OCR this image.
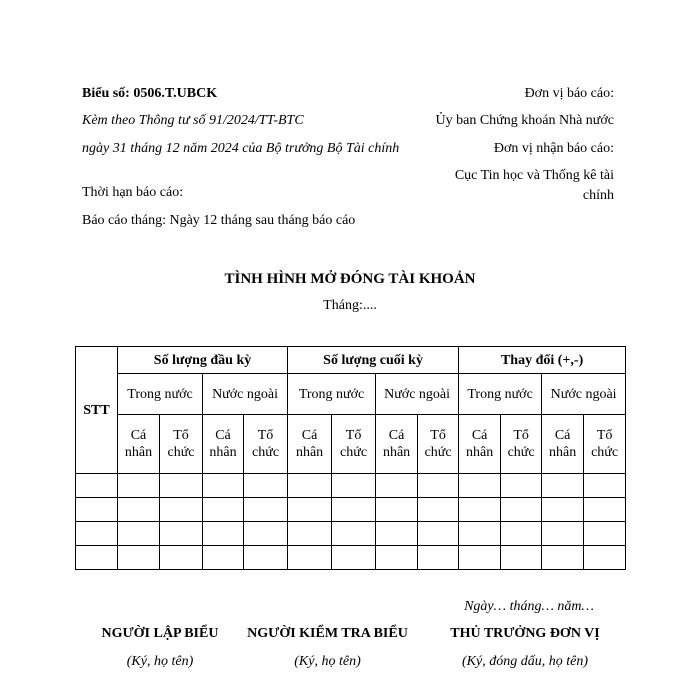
Biểu số: 0506.T.UBCK
Kèm theo Thông tư số 91/2024/TT-BTC
ngày 31 tháng 12 năm 2024 của Bộ trưởng Bộ Tài chính
Thời hạn báo cáo:
Báo cáo tháng: Ngày 12 tháng sau tháng báo cáo
Đơn vị báo cáo:
Ủy ban Chứng khoán Nhà nước
Đơn vị nhận báo cáo:
Cục Tin học và Thống kê tài chính
TÌNH HÌNH MỞ ĐÓNG TÀI KHOẢN
Tháng:....
STT	Số lượng đầu kỳ				Số lượng cuối kỳ				Thay đổi (+,-)			
	Trong nước		Nước ngoài		Trong nước		Nước ngoài		Trong nước		Nước ngoài	
	Cá nhân	Tổ chức	Cá nhân	Tổ chức	Cá nhân	Tổ chức	Cá nhân	Tổ chức	Cá nhân	Tổ chức	Cá nhân	Tổ chức

Ngày… tháng… năm…
NGƯỜI LẬP BIỂU	NGƯỜI KIỂM TRA BIỂU	THỦ TRƯỞNG ĐƠN VỊ
(Ký, họ tên)	(Ký, họ tên)	(Ký, đóng dấu, họ tên)
